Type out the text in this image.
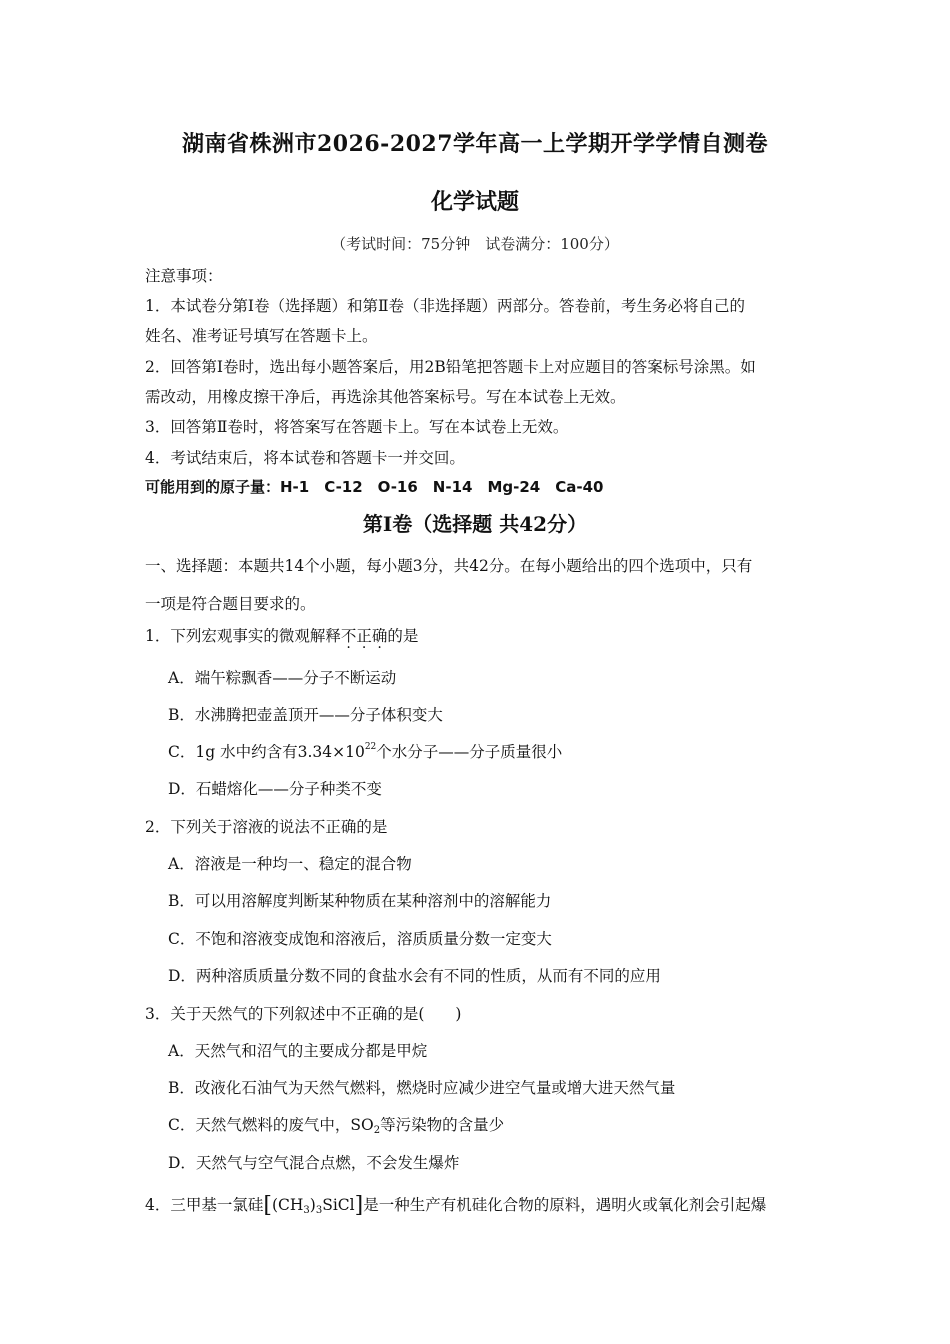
湖南省株洲市2026-2027学年高一上学期开学学情自测卷
化学试题
（考试时间：75分钟　试卷满分：100分）
注意事项：
1．本试卷分第Ⅰ卷（选择题）和第Ⅱ卷（非选择题）两部分。答卷前，考生务必将自己的
姓名、准考证号填写在答题卡上。
2．回答第Ⅰ卷时，选出每小题答案后，用2B铅笔把答题卡上对应题目的答案标号涂黑。如
需改动，用橡皮擦干净后，再选涂其他答案标号。写在本试卷上无效。
3．回答第Ⅱ卷时，将答案写在答题卡上。写在本试卷上无效。
4．考试结束后，将本试卷和答题卡一并交回。
可能用到的原子量：H-1　C-12　O-16　N-14　Mg-24　Ca-40
第Ⅰ卷（选择题 共42分）
一、选择题：本题共14个小题，每小题3分，共42分。在每小题给出的四个选项中，只有
一项是符合题目要求的。
1．下列宏观事实的微观解释不正确的是
A．端午粽飘香——分子不断运动
B．水沸腾把壶盖顶开——分子体积变大
C．1g 水中约含有$3.34\times 10^{22}$个水分子——分子质量很小
D．石蜡熔化——分子种类不变
2．下列关于溶液的说法不正确的是
A．溶液是一种均一、稳定的混合物
B．可以用溶解度判断某种物质在某种溶剂中的溶解能力
C．不饱和溶液变成饱和溶液后，溶质质量分数一定变大
D．两种溶质质量分数不同的食盐水会有不同的性质，从而有不同的应用
3．关于天然气的下列叙述中不正确的是(　　)
A．天然气和沼气的主要成分都是甲烷
B．改液化石油气为天然气燃料，燃烧时应减少进空气量或增大进天然气量
C．天然气燃料的废气中，$SO_2$等污染物的含量少
D．天然气与空气混合点燃，不会发生爆炸
4．三甲基一氯硅$[(CH_3)_3SiCl]$是一种生产有机硅化合物的原料，遇明火或氧化剂会引起爆
